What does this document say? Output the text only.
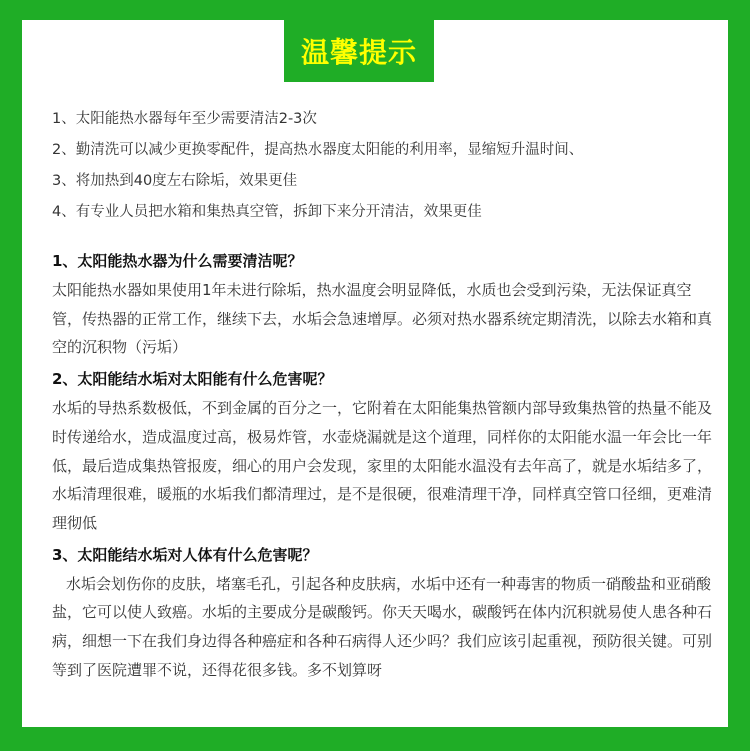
温馨提示
1、太阳能热水器每年至少需要清洁2-3次
2、勤清洗可以减少更换零配件，提高热水器度太阳能的利用率，显缩短升温时间、
3、将加热到40度左右除垢，效果更佳
4、有专业人员把水箱和集热真空管，拆卸下来分开清洁，效果更佳
1、太阳能热水器为什么需要清洁呢？
太阳能热水器如果使用1年未进行除垢，热水温度会明显降低，水质也会受到污染，无法保证真空管，传热器的正常工作，继续下去，水垢会急速增厚。必须对热水器系统定期清洗，以除去水箱和真空的沉积物（污垢）
2、太阳能结水垢对太阳能有什么危害呢？
水垢的导热系数极低，不到金属的百分之一，它附着在太阳能集热管额内部导致集热管的热量不能及时传递给水，造成温度过高，极易炸管，水壶烧漏就是这个道理，同样你的太阳能水温一年会比一年低，最后造成集热管报废，细心的用户会发现，家里的太阳能水温没有去年高了，就是水垢结多了，水垢清理很难，暖瓶的水垢我们都清理过，是不是很硬，很难清理干净，同样真空管口径细，更难清理彻低
3、太阳能结水垢对人体有什么危害呢？
水垢会划伤你的皮肤，堵塞毛孔，引起各种皮肤病，水垢中还有一种毒害的物质一硝酸盐和亚硝酸盐，它可以使人致癌。水垢的主要成分是碳酸钙。你天天喝水，碳酸钙在体内沉积就易使人患各种石病，细想一下在我们身边得各种癌症和各种石病得人还少吗？我们应该引起重视，预防很关键。可别等到了医院遭罪不说，还得花很多钱。多不划算呀
